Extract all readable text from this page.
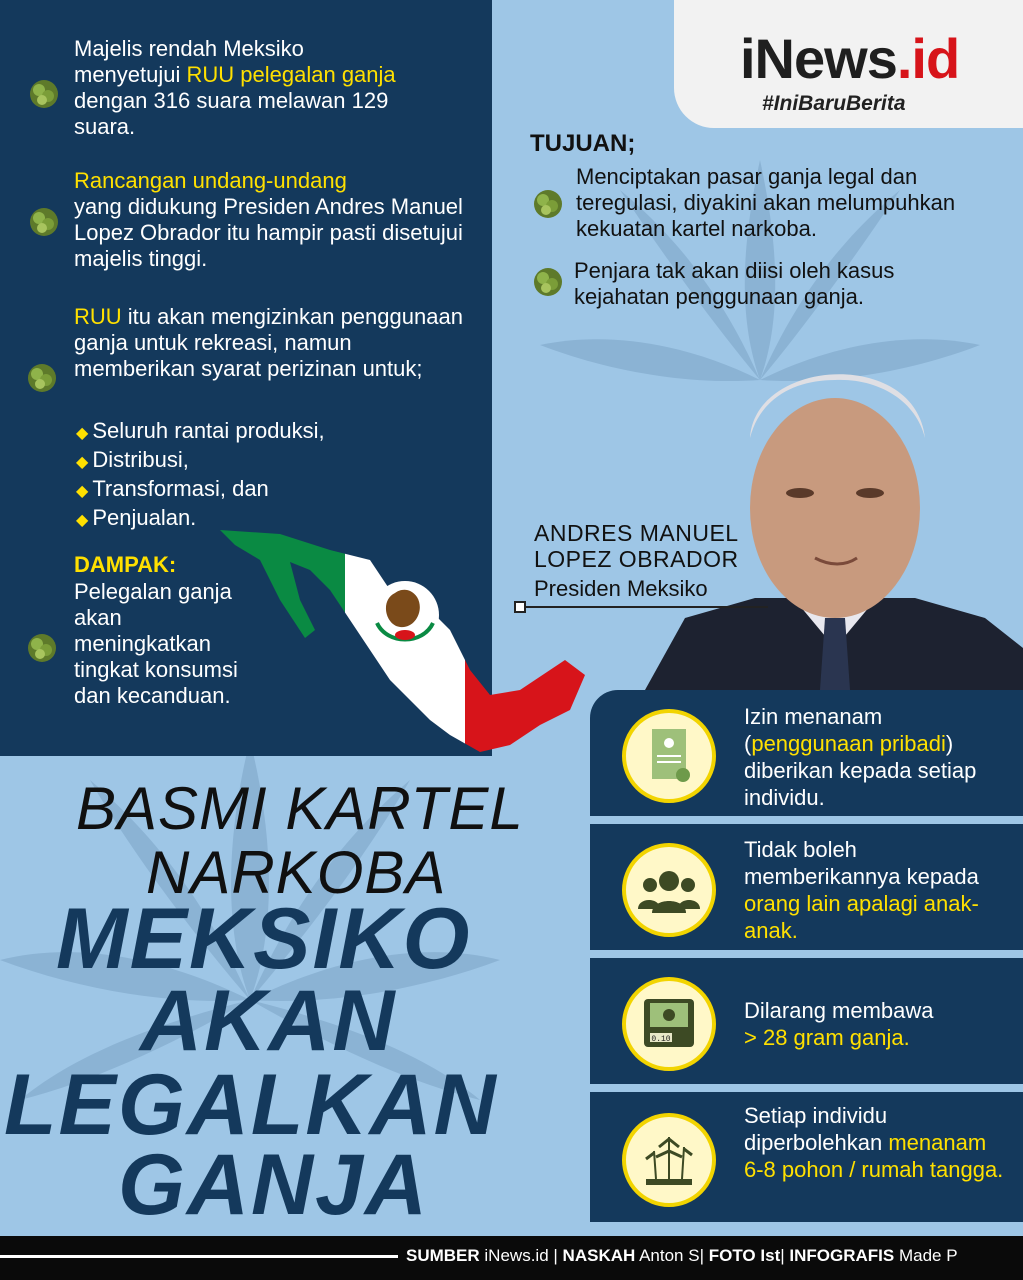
Majelis rendah Meksiko menyetujui RUU pelegalan ganja dengan 316 suara melawan 129 suara.
Rancangan undang-undang
yang didukung Presiden Andres Manuel Lopez Obrador itu hampir pasti disetujui majelis tinggi.
RUU itu akan mengizinkan penggunaan ganja untuk rekreasi, namun memberikan syarat perizinan untuk;
◆ Seluruh rantai produksi,
◆ Distribusi,
◆ Transformasi, dan
◆ Penjualan.
DAMPAK:
Pelegalan ganja akan meningkatkan tingkat konsumsi dan kecanduan.
iNews.id
#IniBaruBerita
TUJUAN;
Menciptakan pasar ganja legal dan teregulasi, diyakini akan melumpuhkan kekuatan kartel narkoba.
Penjara tak akan diisi oleh kasus kejahatan penggunaan ganja.
ANDRES MANUEL
LOPEZ OBRADOR
Presiden Meksiko
0.10
Izin menanam (penggunaan pribadi) diberikan kepada setiap individu.
Tidak boleh memberikannya kepada orang lain apalagi anak-anak.
Dilarang membawa
> 28 gram ganja.
Setiap individu diperbolehkan menanam 6-8 pohon / rumah tangga.
BASMI KARTEL
NARKOBA
MEKSIKO
AKAN
LEGALKAN
GANJA
SUMBER iNews.id | NASKAH Anton S| FOTO Ist| INFOGRAFIS Made P
